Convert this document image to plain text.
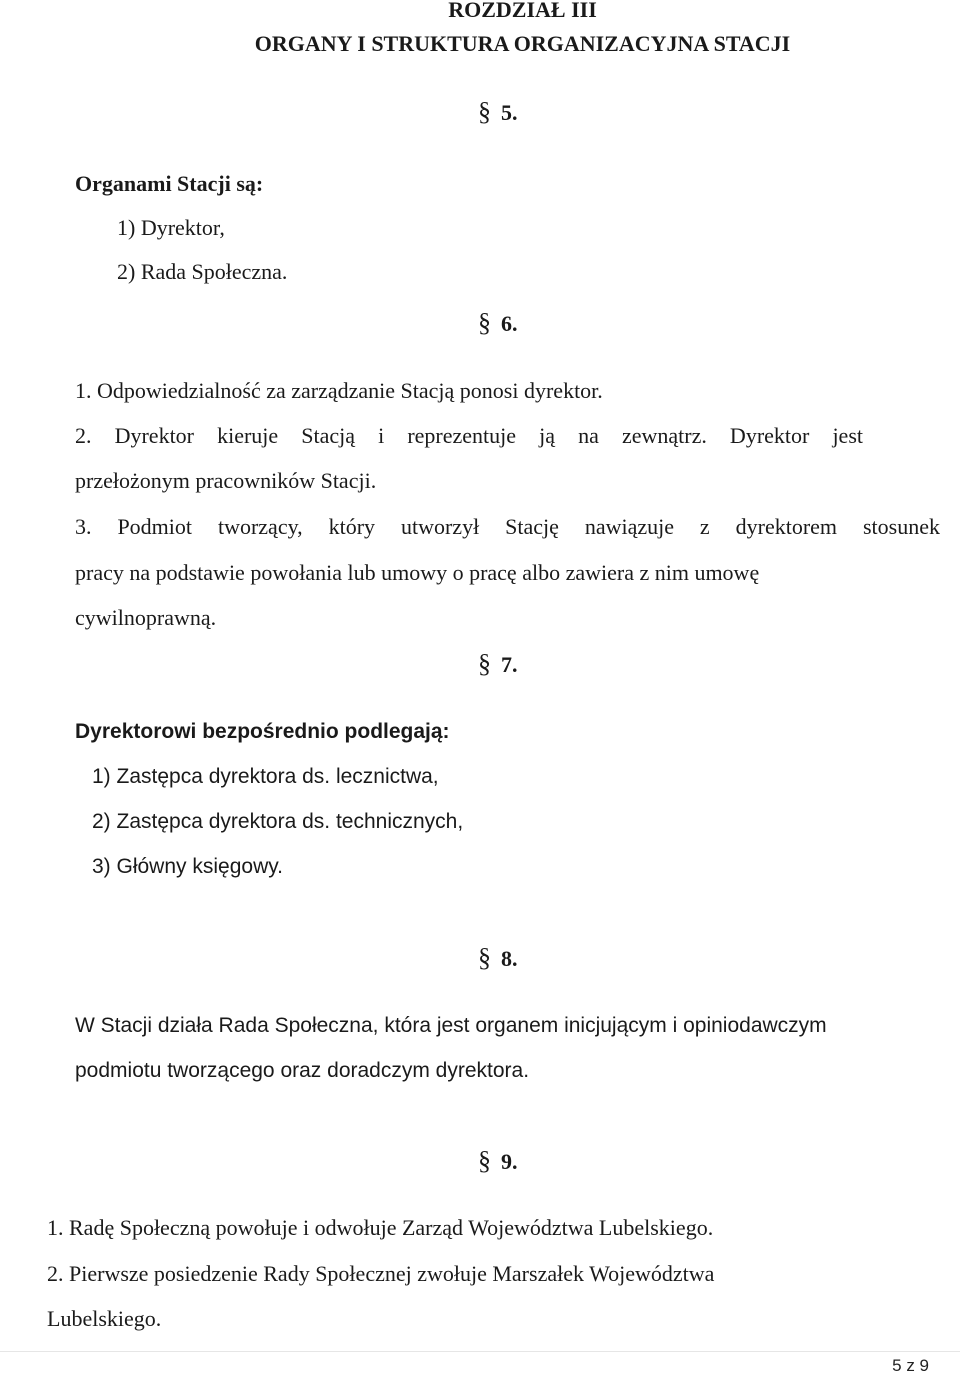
ROZDZIAŁ III
ORGANY I STRUKTURA ORGANIZACYJNA STACJI
§ 5.
Organami Stacji są:
1) Dyrektor,
2) Rada Społeczna.
§ 6.
1. Odpowiedzialność za zarządzanie Stacją ponosi dyrektor.
2. Dyrektor kieruje Stacją i reprezentuje ją na zewnątrz. Dyrektor jest
przełożonym pracowników Stacji.
3. Podmiot tworzący, który utworzył Stację nawiązuje z dyrektorem stosunek
pracy na podstawie powołania lub umowy o pracę albo zawiera z nim umowę
cywilnoprawną.
§ 7.
Dyrektorowi bezpośrednio podlegają:
1) Zastępca dyrektora ds. lecznictwa,
2) Zastępca dyrektora ds. technicznych,
3) Główny księgowy.
§ 8.
W Stacji działa Rada Społeczna, która jest organem inicjującym i opiniodawczym
podmiotu tworzącego oraz doradczym dyrektora.
§ 9.
1. Radę Społeczną powołuje i odwołuje Zarząd Województwa Lubelskiego.
2. Pierwsze posiedzenie Rady Społecznej zwołuje Marszałek Województwa
Lubelskiego.
5 z 9
